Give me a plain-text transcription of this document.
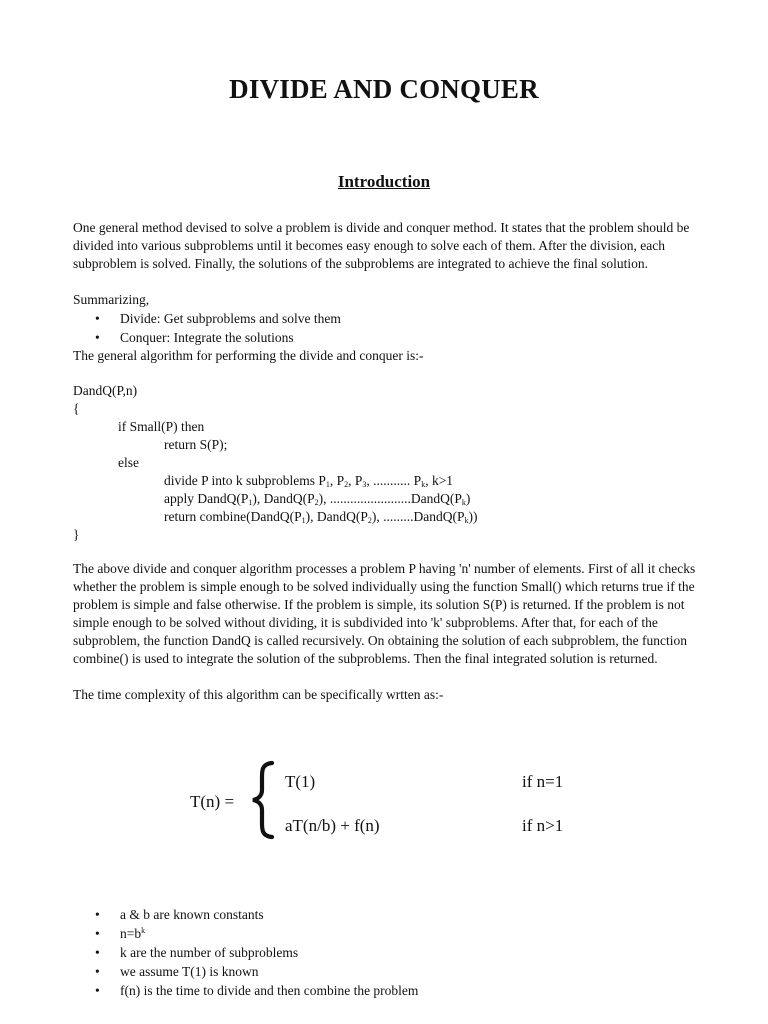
DIVIDE AND CONQUER
Introduction

One general method devised to solve a problem is divide and conquer method. It states that the problem should be divided into various subproblems until it becomes easy enough to solve each of them. After the division, each subproblem is solved. Finally, the solutions of the subproblems are integrated to achieve the final solution.

Summarizing,
• Divide: Get subproblems and solve them
• Conquer: Integrate the solutions
The general algorithm for performing the divide and conquer is:-
DandQ(P,n)
{
if Small(P) then
return S(P);
else
divide P into k subproblems $P_1$, $P_2$, $P_3$, ........... $P_k$, k>1
apply $DandQ(P_1)$, $DandQ(P_2)$, $........................DandQ(P_k)$
return $combine(DandQ(P_1)$, $DandQ(P_2)$, $.........DandQ(P_k)$)
}

The above divide and conquer algorithm processes a problem P having 'n' number of elements. First of all it checks whether the problem is simple enough to be solved individually using the function Small() which returns true if the problem is simple and false otherwise. If the problem is simple, its solution S(P) is returned. If the problem is not simple enough to be solved without dividing, it is subdivided into 'k' subproblems. After that, for each of the subproblem, the function DandQ is called recursively. On obtaining the solution of each subproblem, the function combine() is used to integrate the solution of the subproblems. Then the final integrated solution is returned.

The time complexity of this algorithm can be specifically wrtten as:-
T(n) =
T(1)	if n=1
aT(n/b) + f(n)	if n>1
• a & b are known constants
• $n=b^k$
• k are the number of subproblems
• we assume T(1) is known
• f(n) is the time to divide and then combine the problem
